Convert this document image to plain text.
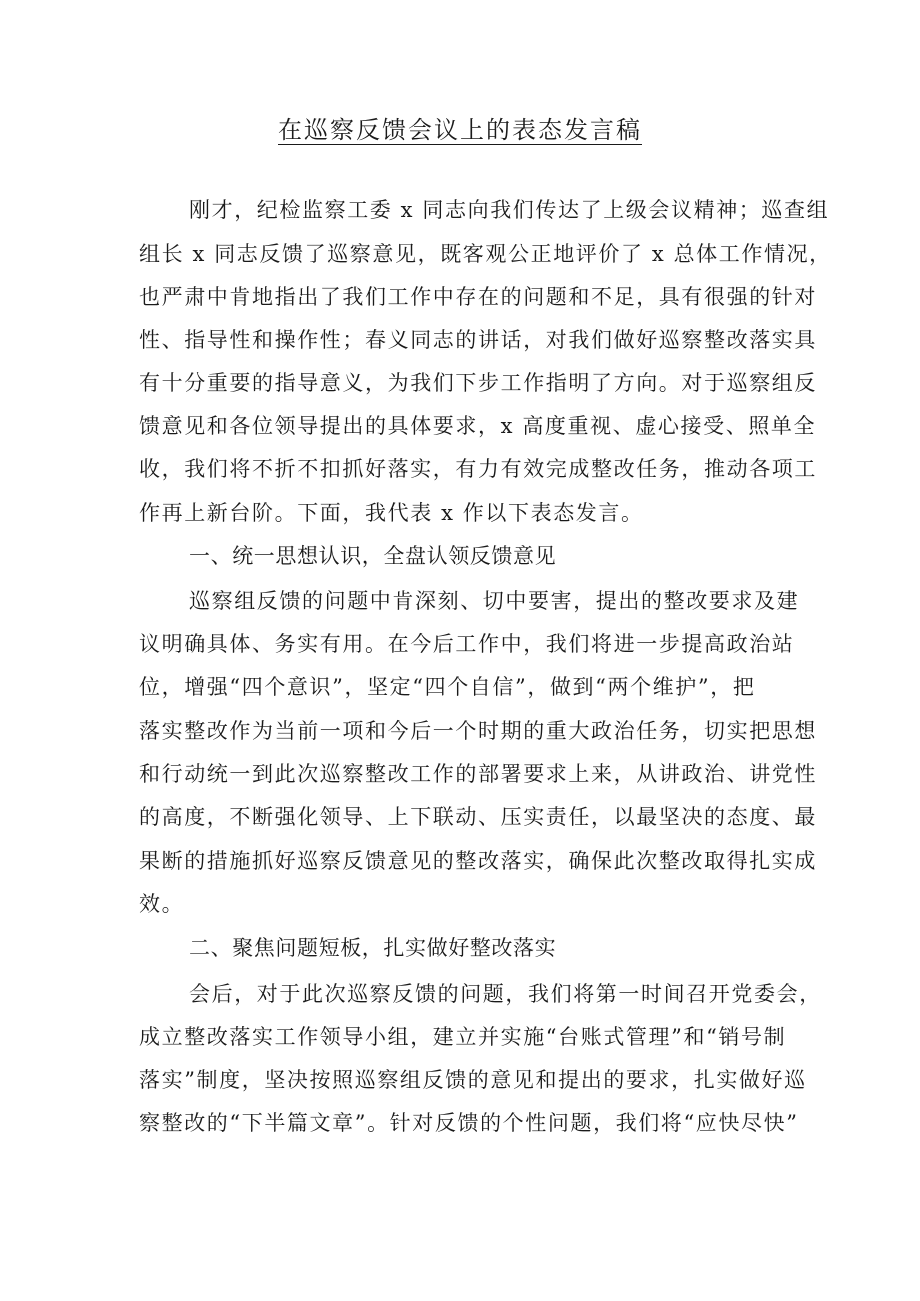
在巡察反馈会议上的表态发言稿
刚才，纪检监察工委 x 同志向我们传达了上级会议精神；巡查组
组长 x 同志反馈了巡察意见，既客观公正地评价了 x 总体工作情况，
也严肃中肯地指出了我们工作中存在的问题和不足，具有很强的针对
性、指导性和操作性；春义同志的讲话，对我们做好巡察整改落实具
有十分重要的指导意义，为我们下步工作指明了方向。对于巡察组反
馈意见和各位领导提出的具体要求，x 高度重视、虚心接受、照单全
收，我们将不折不扣抓好落实，有力有效完成整改任务，推动各项工
作再上新台阶。下面，我代表 x 作以下表态发言。
一、统一思想认识，全盘认领反馈意见
巡察组反馈的问题中肯深刻、切中要害，提出的整改要求及建
议明确具体、务实有用。在今后工作中，我们将进一步提高政治站
位，增强“四个意识”，坚定“四个自信”，做到“两个维护”，把
落实整改作为当前一项和今后一个时期的重大政治任务，切实把思想
和行动统一到此次巡察整改工作的部署要求上来，从讲政治、讲党性
的高度，不断强化领导、上下联动、压实责任，以最坚决的态度、最
果断的措施抓好巡察反馈意见的整改落实，确保此次整改取得扎实成
效。
二、聚焦问题短板，扎实做好整改落实
会后，对于此次巡察反馈的问题，我们将第一时间召开党委会，
成立整改落实工作领导小组，建立并实施“台账式管理”和“销号制
落实”制度，坚决按照巡察组反馈的意见和提出的要求，扎实做好巡
察整改的“下半篇文章”。针对反馈的个性问题，我们将“应快尽快”
